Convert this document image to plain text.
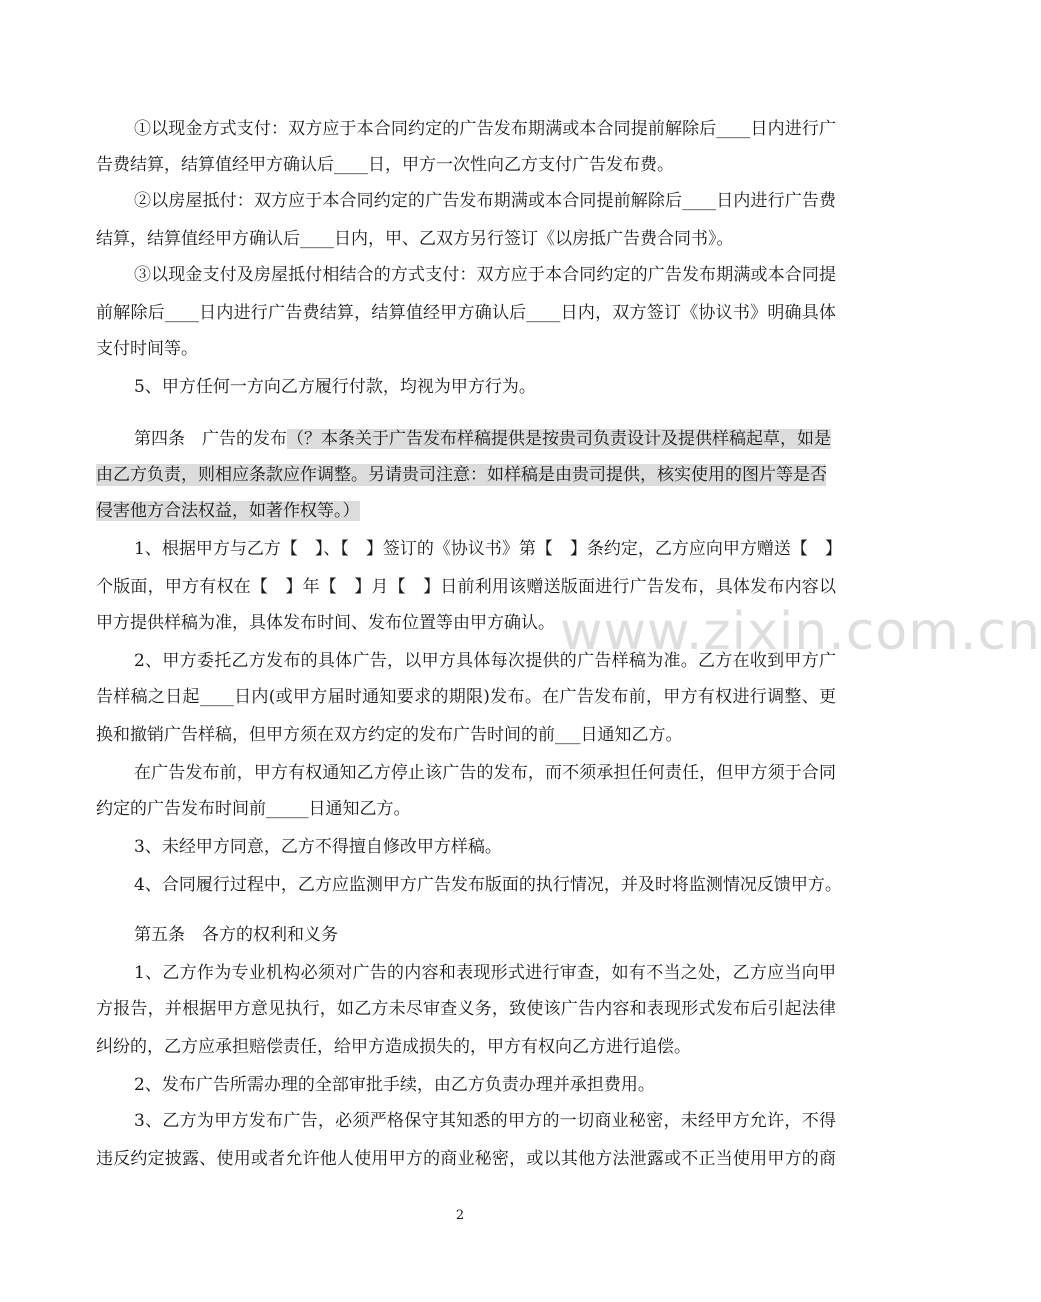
①以现金方式支付：双方应于本合同约定的广告发布期满或本合同提前解除后____日内进行广
告费结算，结算值经甲方确认后____日，甲方一次性向乙方支付广告发布费。
②以房屋抵付：双方应于本合同约定的广告发布期满或本合同提前解除后____日内进行广告费
结算，结算值经甲方确认后____日内，甲、乙双方另行签订《以房抵广告费合同书》。
③以现金支付及房屋抵付相结合的方式支付：双方应于本合同约定的广告发布期满或本合同提
前解除后____日内进行广告费结算，结算值经甲方确认后____日内，双方签订《协议书》明确具体
支付时间等。
5、甲方任何一方向乙方履行付款，均视为甲方行为。
第四条　广告的发布（？本条关于广告发布样稿提供是按贵司负责设计及提供样稿起草，如是
由乙方负责，则相应条款应作调整。另请贵司注意：如样稿是由贵司提供，核实使用的图片等是否
侵害他方合法权益，如著作权等。）
1、根据甲方与乙方【　】、【　】签订的《协议书》第【　】条约定，乙方应向甲方赠送【　】
个版面，甲方有权在【　】年【　】月【　】日前利用该赠送版面进行广告发布，具体发布内容以
甲方提供样稿为准，具体发布时间、发布位置等由甲方确认。
2、甲方委托乙方发布的具体广告，以甲方具体每次提供的广告样稿为准。乙方在收到甲方广
告样稿之日起____日内(或甲方届时通知要求的期限)发布。在广告发布前，甲方有权进行调整、更
换和撤销广告样稿，但甲方须在双方约定的发布广告时间的前___日通知乙方。
在广告发布前，甲方有权通知乙方停止该广告的发布，而不须承担任何责任，但甲方须于合同
约定的广告发布时间前_____日通知乙方。
3、未经甲方同意，乙方不得擅自修改甲方样稿。
4、合同履行过程中，乙方应监测甲方广告发布版面的执行情况，并及时将监测情况反馈甲方。
第五条　各方的权利和义务
1、乙方作为专业机构必须对广告的内容和表现形式进行审查，如有不当之处，乙方应当向甲
方报告，并根据甲方意见执行，如乙方未尽审查义务，致使该广告内容和表现形式发布后引起法律
纠纷的，乙方应承担赔偿责任，给甲方造成损失的，甲方有权向乙方进行追偿。
2、发布广告所需办理的全部审批手续，由乙方负责办理并承担费用。
3、乙方为甲方发布广告，必须严格保守其知悉的甲方的一切商业秘密，未经甲方允许，不得
违反约定披露、使用或者允许他人使用甲方的商业秘密，或以其他方法泄露或不正当使用甲方的商
www.zixin.com.cn
2
